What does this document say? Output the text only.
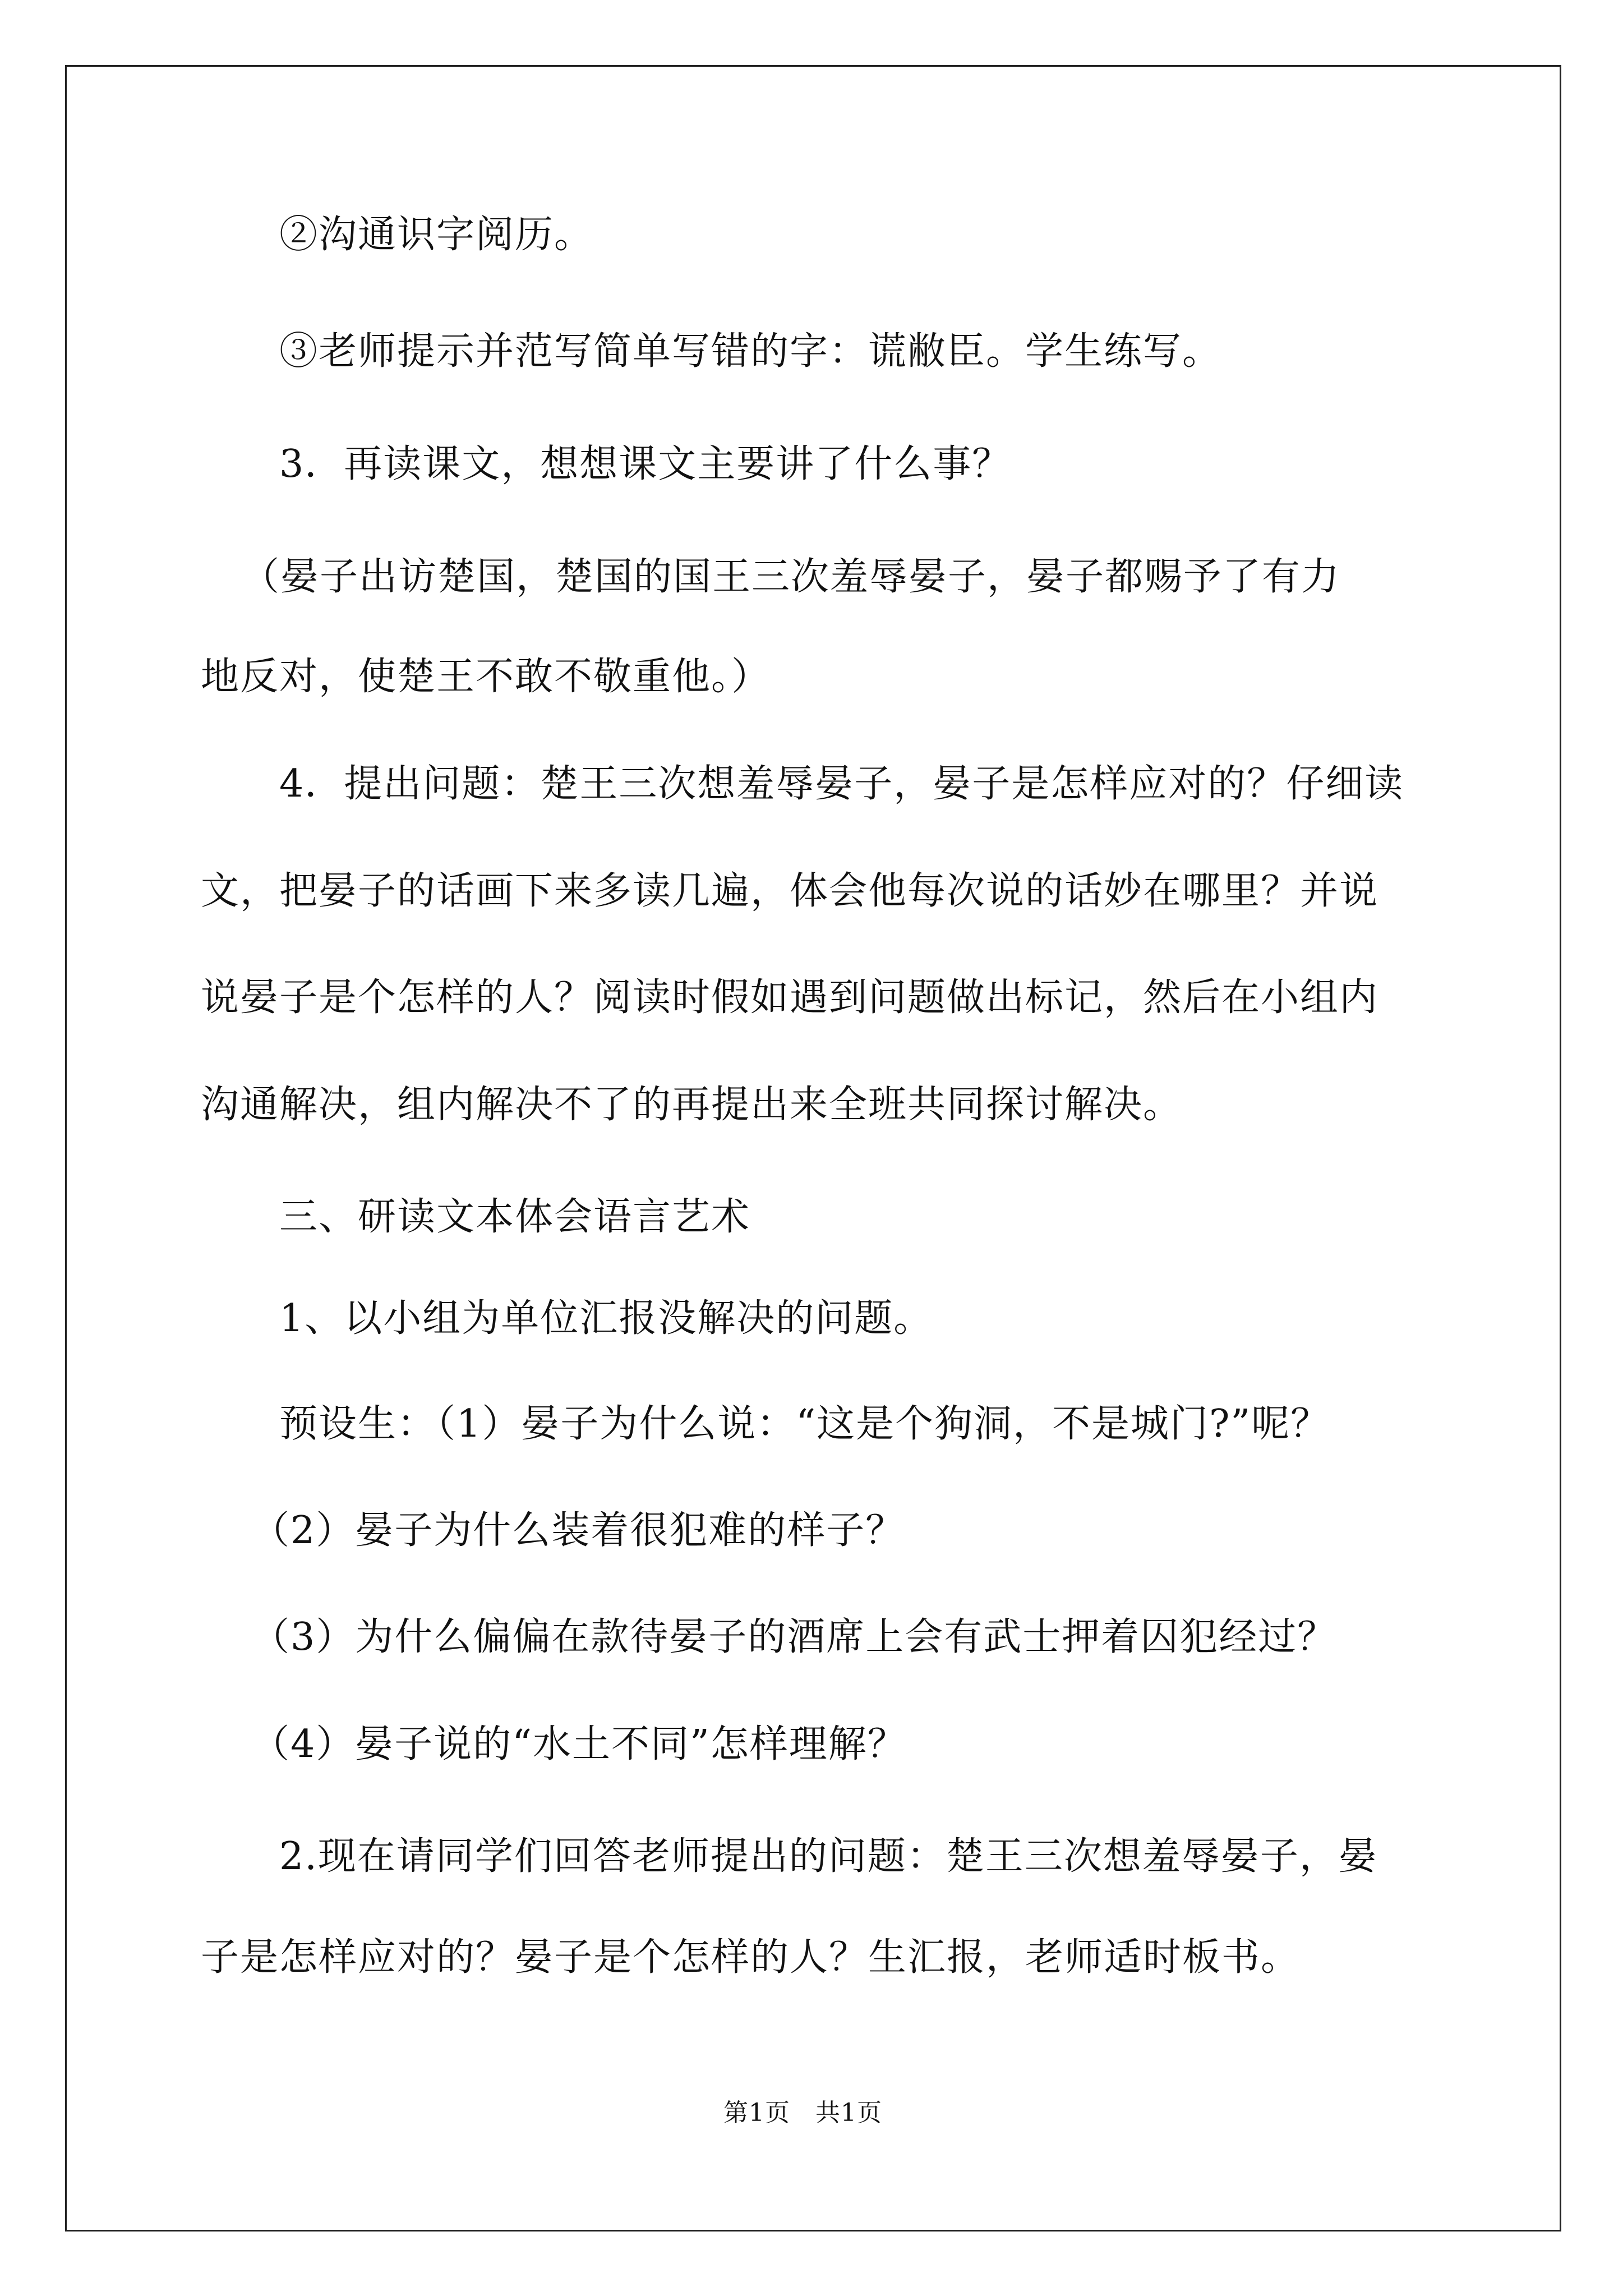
②沟通识字阅历。
③老师提示并范写简单写错的字：谎敝臣。学生练写。
3．再读课文，想想课文主要讲了什么事？
（晏子出访楚国，楚国的国王三次羞辱晏子，晏子都赐予了有力
地反对，使楚王不敢不敬重他。）
4．提出问题：楚王三次想羞辱晏子，晏子是怎样应对的？仔细读
文，把晏子的话画下来多读几遍，体会他每次说的话妙在哪里？并说
说晏子是个怎样的人？阅读时假如遇到问题做出标记，然后在小组内
沟通解决，组内解决不了的再提出来全班共同探讨解决。
三、研读文本体会语言艺术
1、以小组为单位汇报没解决的问题。
预设生：（1）晏子为什么说：“这是个狗洞，不是城门?”呢？
（2）晏子为什么装着很犯难的样子？
（3）为什么偏偏在款待晏子的酒席上会有武士押着囚犯经过？
（4）晏子说的“水土不同”怎样理解？
2.现在请同学们回答老师提出的问题：楚王三次想羞辱晏子，晏
子是怎样应对的？晏子是个怎样的人？生汇报，老师适时板书。
第1页　共1页
